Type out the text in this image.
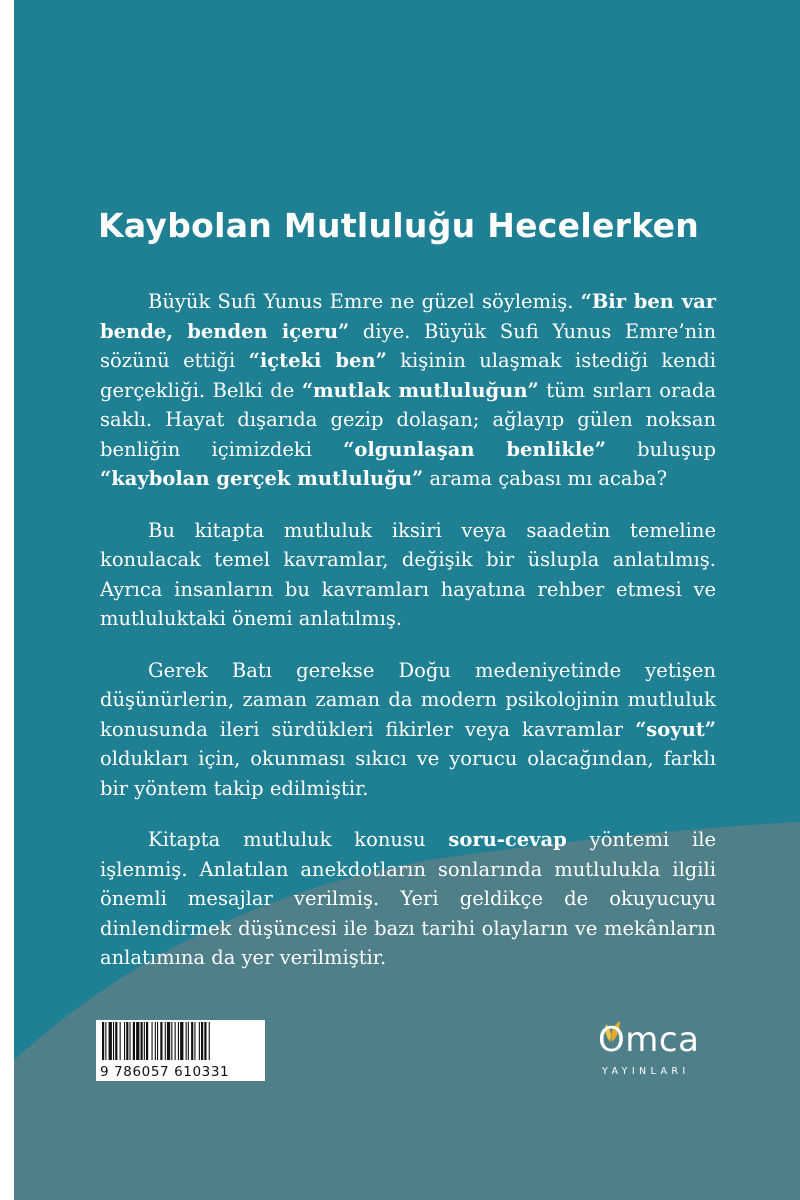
Kaybolan Mutluluğu Hecelerken

Büyük Sufi Yunus Emre ne güzel söylemiş. “Bir ben var bende, benden içeru” diye. Büyük Sufi Yunus Emre’nin sözünü ettiği “içteki ben” kişinin ulaşmak istediği kendi gerçekliği. Belki de “mutlak mutluluğun” tüm sırları orada saklı. Hayat dışarıda gezip dolaşan; ağlayıp gülen noksan benliğin içimizdeki “olgunlaşan benlikle” buluşup “kaybolan gerçek mutluluğu” arama çabası mı acaba?

Bu kitapta mutluluk iksiri veya saadetin temeline konulacak temel kavramlar, değişik bir üslupla anlatılmış. Ayrıca insanların bu kavramları hayatına rehber etmesi ve mutluluktaki önemi anlatılmış.

Gerek Batı gerekse Doğu medeniyetinde yetişen düşünürlerin, zaman zaman da modern psikolojinin mutluluk konusunda ileri sürdükleri fikirler veya kavramlar “soyut” oldukları için, okunması sıkıcı ve yorucu olacağından, farklı bir yöntem takip edilmiştir.

Kitapta mutluluk konusu soru-cevap yöntemi ile işlenmiş. Anlatılan anekdotların sonlarında mutlulukla ilgili önemli mesajlar verilmiş. Yeri geldikçe de okuyucuyu dinlendirmek düşüncesi ile bazı tarihi olayların ve mekânların anlatımına da yer verilmiştir.

9 786057 610331
Omca
YAYINLARI
